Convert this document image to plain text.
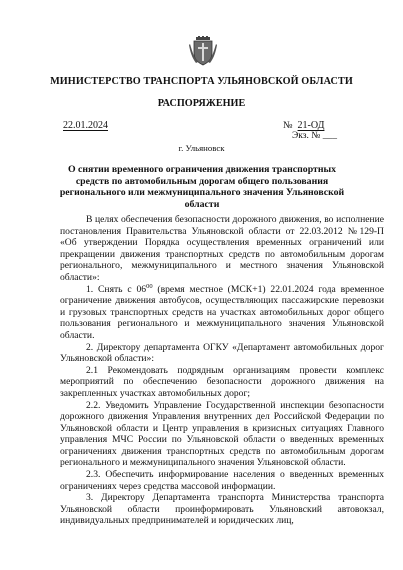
МИНИСТЕРСТВО ТРАНСПОРТА УЛЬЯНОВСКОЙ ОБЛАСТИ
РАСПОРЯЖЕНИЕ
22.01.2024	№ 21-ОД
Экз. № ___
г. Ульяновск
О снятии временного ограничения движения транспортных средств по автомобильным дорогам общего пользования регионального или межмуниципального значения Ульяновской области

В целях обеспечения безопасности дорожного движения, во исполнение постановления Правительства Ульяновской области от 22.03.2012 №129-П «Об утверждении Порядка осуществления временных ограничений или прекращении движения транспортных средств по автомобильным дорогам регионального, межмуниципального и местного значения Ульяновской области»:

1. Снять с $06^{00}$ (время местное (МСК+1) 22.01.2024 года временное ограничение движения автобусов, осуществляющих пассажирские перевозки и грузовых транспортных средств на участках автомобильных дорог общего пользования регионального и межмуниципального значения Ульяновской области.

2. Директору департамента ОГКУ «Департамент автомобильных дорог Ульяновской области»:

2.1 Рекомендовать подрядным организациям провести комплекс мероприятий по обеспечению безопасности дорожного движения на закрепленных участках автомобильных дорог;

2.2. Уведомить Управление Государственной инспекции безопасности дорожного движения Управления внутренних дел Российской Федерации по Ульяновской области и Центр управления в кризисных ситуациях Главного управления МЧС России по Ульяновской области о введенных временных ограничениях движения транспортных средств по автомобильным дорогам регионального и межмуниципального значения Ульяновской области.

2.3. Обеспечить информирование населения о введенных временных ограничениях через средства массовой информации.

3. Директору Департамента транспорта Министерства транспорта Ульяновской области проинформировать Ульяновский автовокзал, индивидуальных предпринимателей и юридических лиц,
